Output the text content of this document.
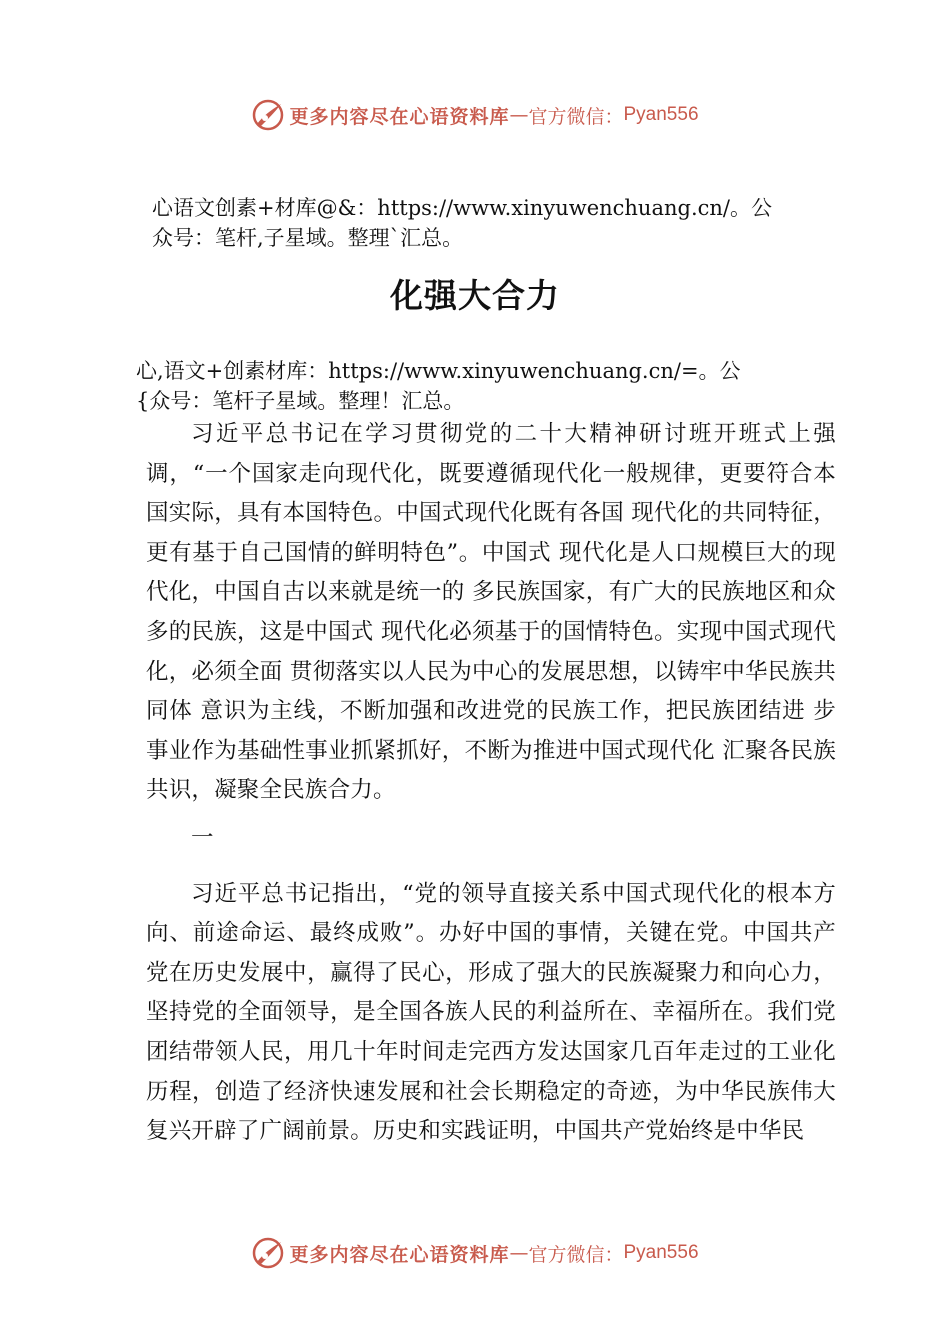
更多内容尽在心语资料库 — 官方微信： Pyan556
心语文创素+材库@&：https://www.xinyuwenchuang.cn/。公
众号：笔杆,子星域。整理`汇总。
化强大合力
心,语文+创素材库：https://www.xinyuwenchuang.cn/=。公
{众号：笔杆子星域。整理！汇总。

习近平总书记在学习贯彻党的二十大精神研讨班开班式上强调，“一个国家走向现代化，既要遵循现代化一般规律，更要符合本国实际，具有本国特色。中国式现代化既有各国 现代化的共同特征，更有基于自己国情的鲜明特色”。中国式 现代化是人口规模巨大的现代化，中国自古以来就是统一的 多民族国家，有广大的民族地区和众多的民族，这是中国式 现代化必须基于的国情特色。实现中国式现代化，必须全面 贯彻落实以人民为中心的发展思想，以铸牢中华民族共同体 意识为主线，不断加强和改进党的民族工作，把民族团结进 步事业作为基础性事业抓紧抓好，不断为推进中国式现代化 汇聚各民族共识，凝聚全民族合力。

一

习近平总书记指出，“党的领导直接关系中国式现代化的根本方向、前途命运、最终成败”。办好中国的事情，关键在党。中国共产党在历史发展中，赢得了民心，形成了强大的民族凝聚力和向心力，坚持党的全面领导，是全国各族人民的利益所在、幸福所在。我们党团结带领人民，用几十年时间走完西方发达国家几百年走过的工业化历程，创造了经济快速发展和社会长期稳定的奇迹，为中华民族伟大复兴开辟了广阔前景。历史和实践证明，中国共产党始终是中华民

更多内容尽在心语资料库 — 官方微信： Pyan556
